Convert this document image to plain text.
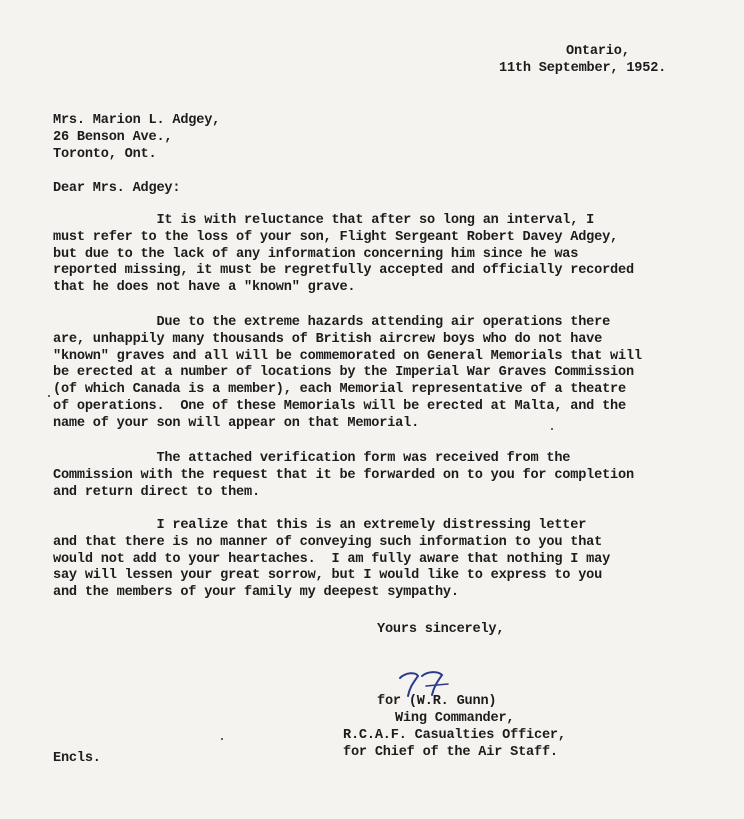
Ontario,
11th September, 1952.
Mrs. Marion L. Adgey,
26 Benson Ave.,
Toronto, Ont.
Dear Mrs. Adgey:
It is with reluctance that after so long an interval, I
must refer to the loss of your son, Flight Sergeant Robert Davey Adgey,
but due to the lack of any information concerning him since he was
reported missing, it must be regretfully accepted and officially recorded
that he does not have a "known" grave.
Due to the extreme hazards attending air operations there
are, unhappily many thousands of British aircrew boys who do not have
"known" graves and all will be commemorated on General Memorials that will
be erected at a number of locations by the Imperial War Graves Commission
(of which Canada is a member), each Memorial representative of a theatre
of operations.  One of these Memorials will be erected at Malta, and the
name of your son will appear on that Memorial.
The attached verification form was received from the
Commission with the request that it be forwarded on to you for completion
and return direct to them.
I realize that this is an extremely distressing letter
and that there is no manner of conveying such information to you that
would not add to your heartaches.  I am fully aware that nothing I may
say will lessen your great sorrow, but I would like to express to you
and the members of your family my deepest sympathy.
Yours sincerely,
for (W.R. Gunn)
Wing Commander,
R.C.A.F. Casualties Officer,
for Chief of the Air Staff.
Encls.
